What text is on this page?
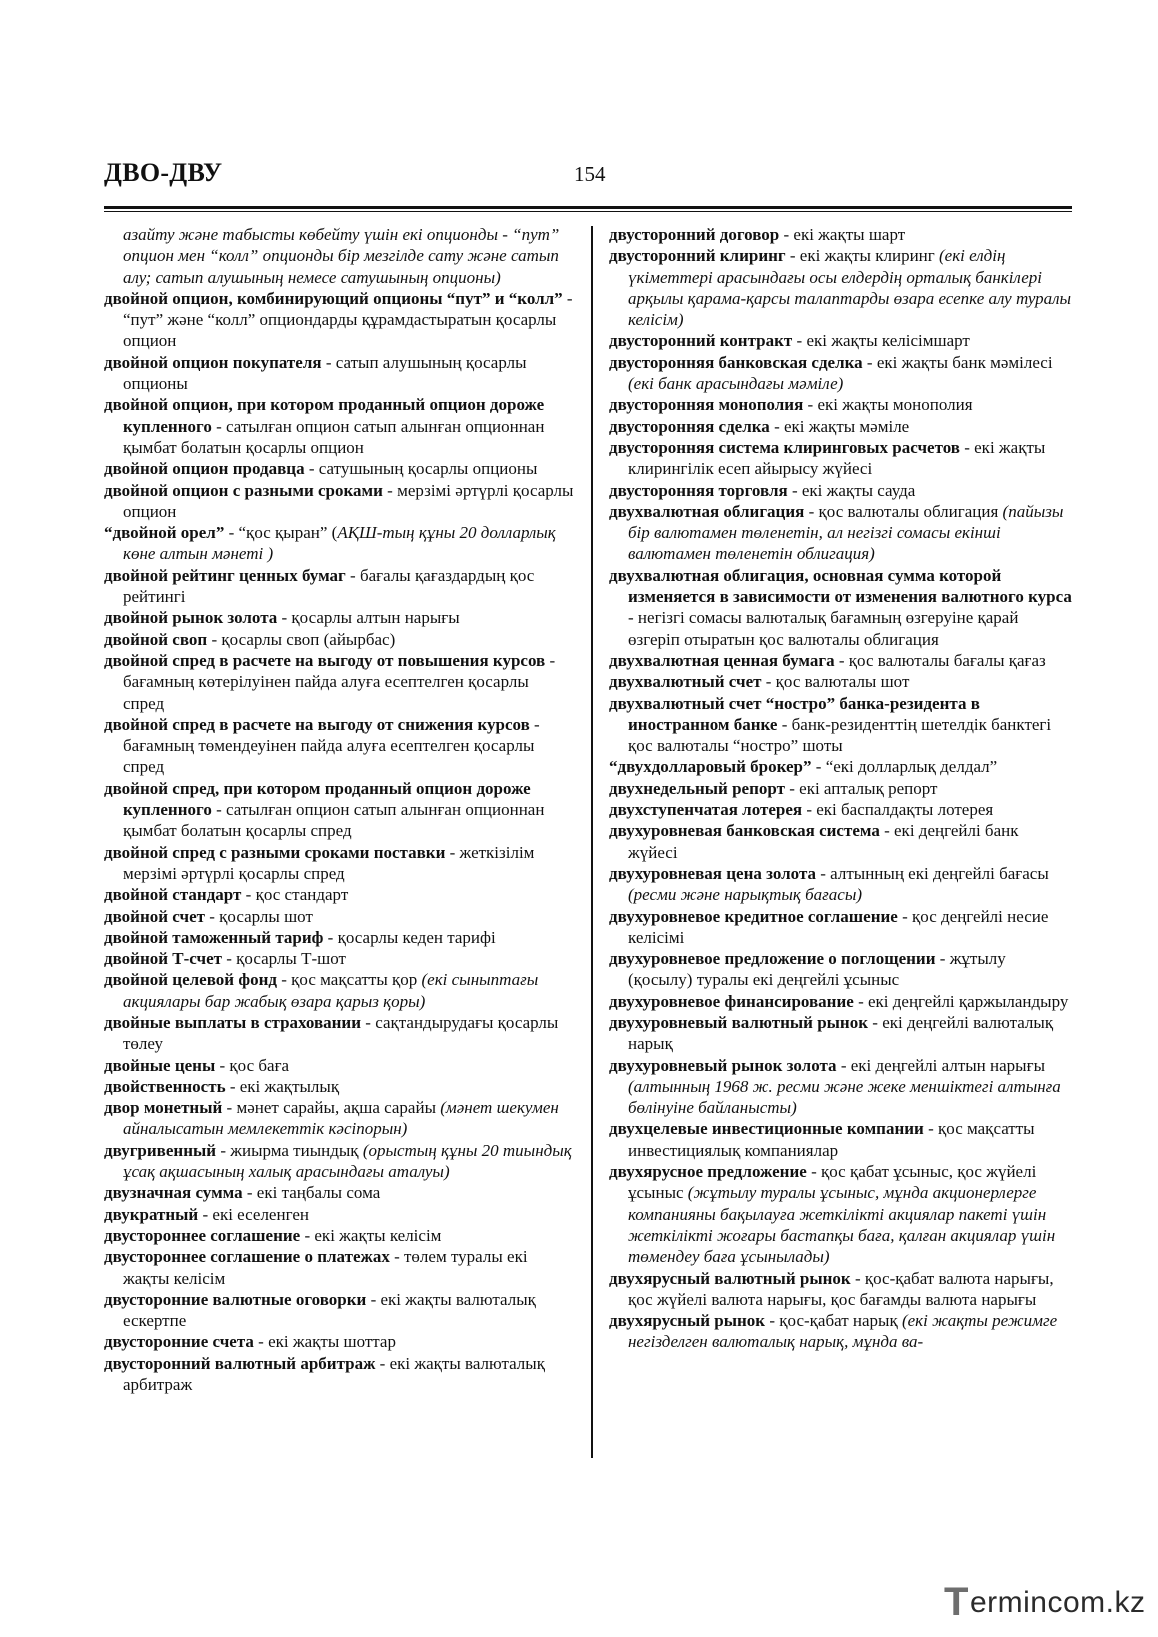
ДВО-ДВУ	154

азайту және табысты көбейту үшін екі опционды - “пут” опцион мен “колл” опционды бір мезгілде сату және сатып алу; сатып алушының немесе сатушының опционы)

двойной опцион, комбинирующий опционы “пут” и “колл” - “пут” және “колл” опциондарды құрамдастыратын қосарлы опцион

двойной опцион покупателя - сатып алушының қосарлы опционы

двойной опцион, при котором проданный опцион дороже купленного - сатылған опцион сатып алынған опционнан қымбат болатын қосарлы опцион

двойной опцион продавца - сатушының қосарлы опционы

двойной опцион с разными сроками - мерзімі әртүрлі қосарлы опцион

“двойной орел” - “қос қыран” (АҚШ-тың құны 20 долларлық көне алтын мәнеті )

двойной рейтинг ценных бумаг - бағалы қағаздардың қос рейтингі

двойной рынок золота - қосарлы алтын нарығы

двойной своп - қосарлы своп (айырбас)

двойной спред в расчете на выгоду от повышения курсов - бағамның көтерілуінен пайда алуға есептелген қосарлы спред

двойной спред в расчете на выгоду от снижения курсов - бағамның төмендеуінен пайда алуға есептелген қосарлы спред

двойной спред, при котором проданный опцион дороже купленного - сатылған опцион сатып алынған опционнан қымбат болатын қосарлы спред

двойной спред с разными сроками поставки - жеткізілім мерзімі әртүрлі қосарлы спред

двойной стандарт - қос стандарт

двойной счет - қосарлы шот

двойной таможенный тариф - қосарлы кеден тарифі

двойной Т-счет - қосарлы Т-шот

двойной целевой фонд - қос мақсатты қор (екі сыныптағы акциялары бар жабық өзара қарыз қоры)

двойные выплаты в страховании - сақтандырудағы қосарлы төлеу

двойные цены - қос баға

двойственность - екі жақтылық

двор монетный - мәнет сарайы, ақша сарайы (мәнет шекумен айналысатын мемлекеттік кәсіпорын)

двугривенный - жиырма тиындық (орыстың құны 20 тиындық ұсақ ақшасының халық арасындағы аталуы)

двузначная сумма - екі таңбалы сома

двукратный - екі еселенген

двустороннее соглашение - екі жақты келісім

двустороннее соглашение о платежах - төлем туралы екі жақты келісім

двусторонние валютные оговорки - екі жақты валюталық ескертпе

двусторонние счета - екі жақты шоттар

двусторонний валютный арбитраж - екі жақты валюталық арбитраж

двусторонний договор - екі жақты шарт

двусторонний клиринг - екі жақты клиринг (екі елдің үкіметтері арасындағы осы елдердің орталық банкілері арқылы қарама-қарсы талаптарды өзара есепке алу туралы келісім)

двусторонний контракт - екі жақты келісімшарт

двусторонняя банковская сделка - екі жақты банк мәмілесі (екі банк арасындағы мәміле)

двусторонняя монополия - екі жақты монополия

двусторонняя сделка - екі жақты мәміле

двусторонняя система клиринговых расчетов - екі жақты клирингілік есеп айырысу жүйесі

двусторонняя торговля - екі жақты сауда

двухвалютная облигация - қос валюталы облигация (пайызы бір валютамен төленетін, ал негізгі сомасы екінші валютамен төленетін облигация)

двухвалютная облигация, основная сумма которой изменяется в зависимости от изменения валютного курса - негізгі сомасы валюталық бағамның өзгеруіне қарай өзгеріп отыратын қос валюталы облигация

двухвалютная ценная бумага - қос валюталы бағалы қағаз

двухвалютный счет - қос валюталы шот

двухвалютный счет “ностро” банка-резидента в иностранном банке - банк-резиденттің шетелдік банктегі қос валюталы “ностро” шоты

“двухдолларовый брокер” - “екі долларлық делдал”

двухнедельный репорт - екі апталық репорт

двухступенчатая лотерея - екі баспалдақты лотерея

двухуровневая банковская система - екі деңгейлі банк жүйесі

двухуровневая цена золота - алтынның екі деңгейлі бағасы (ресми және нарықтық бағасы)

двухуровневое кредитное соглашение - қос деңгейлі несие келісімі

двухуровневое предложение о поглощении - жұтылу (қосылу) туралы екі деңгейлі ұсыныс

двухуровневое финансирование - екі деңгейлі қаржыландыру

двухуровневый валютный рынок - екі деңгейлі валюталық нарық

двухуровневый рынок золота - екі деңгейлі алтын нарығы (алтынның 1968 ж. ресми және жеке меншіктегі алтынға бөлінуіне байланысты)

двухцелевые инвестиционные компании - қос мақсатты инвестициялық компаниялар

двухярусное предложение - қос қабат ұсыныс, қос жүйелі ұсыныс (жұтылу туралы ұсыныс, мұнда акционерлерге компанияны бақылауға жеткілікті акциялар пакеті үшін жеткілікті жоғары бастапқы баға, қалған акциялар үшін төмендеу баға ұсынылады)

двухярусный валютный рынок - қос-қабат валюта нарығы, қос жүйелі валюта нарығы, қос бағамды валюта нарығы

двухярусный рынок - қос-қабат нарық (екі жақты режимге негізделген валюталық нарық, мұнда ва-

Termincom.kz
